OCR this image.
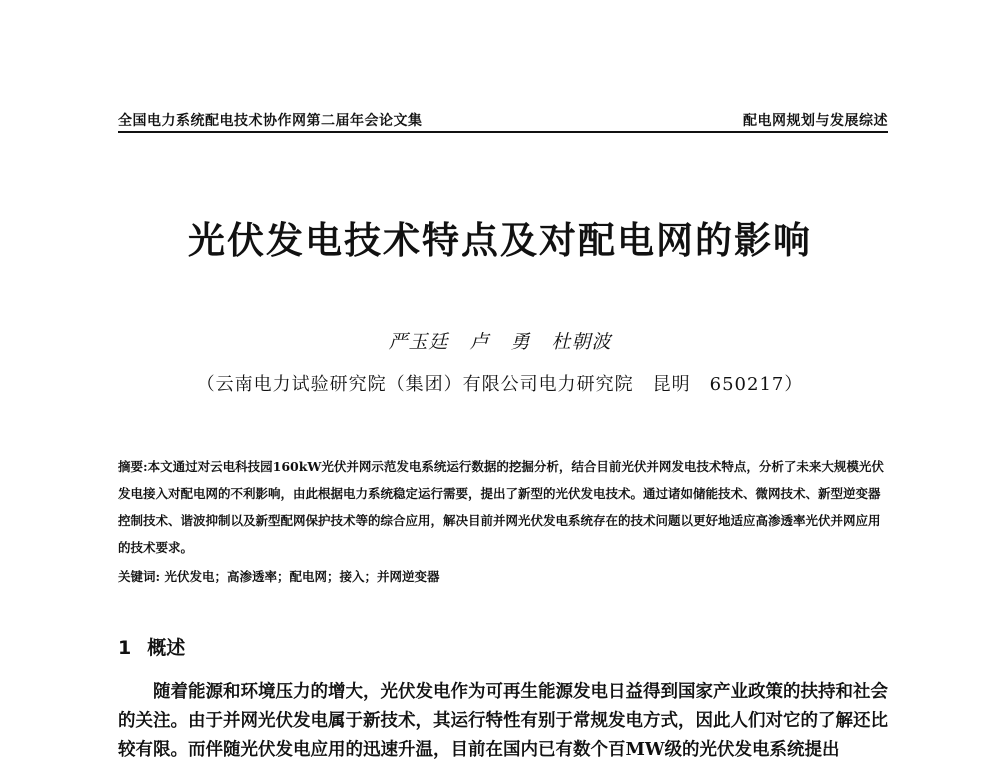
全国电力系统配电技术协作网第二届年会论文集	配电网规划与发展综述
光伏发电技术特点及对配电网的影响
严玉廷 卢 勇 杜朝波
（云南电力试验研究院（集团）有限公司电力研究院　昆明　650217）
摘要:本文通过对云电科技园160kW光伏并网示范发电系统运行数据的挖掘分析，结合目前光伏并网发电技术特点，分析了未来大规模光伏发电接入对配电网的不利影响，由此根据电力系统稳定运行需要，提出了新型的光伏发电技术。通过诸如储能技术、微网技术、新型逆变器控制技术、谐波抑制以及新型配网保护技术等的综合应用，解决目前并网光伏发电系统存在的技术问题以更好地适应高渗透率光伏并网应用的技术要求。
关键词: 光伏发电；高渗透率；配电网；接入；并网逆变器
1 概述
随着能源和环境压力的增大，光伏发电作为可再生能源发电日益得到国家产业政策的扶持和社会的关注。由于并网光伏发电属于新技术，其运行特性有别于常规发电方式，因此人们对它的了解还比较有限。而伴随光伏发电应用的迅速升温，目前在国内已有数个百MW级的光伏发电系统提出
